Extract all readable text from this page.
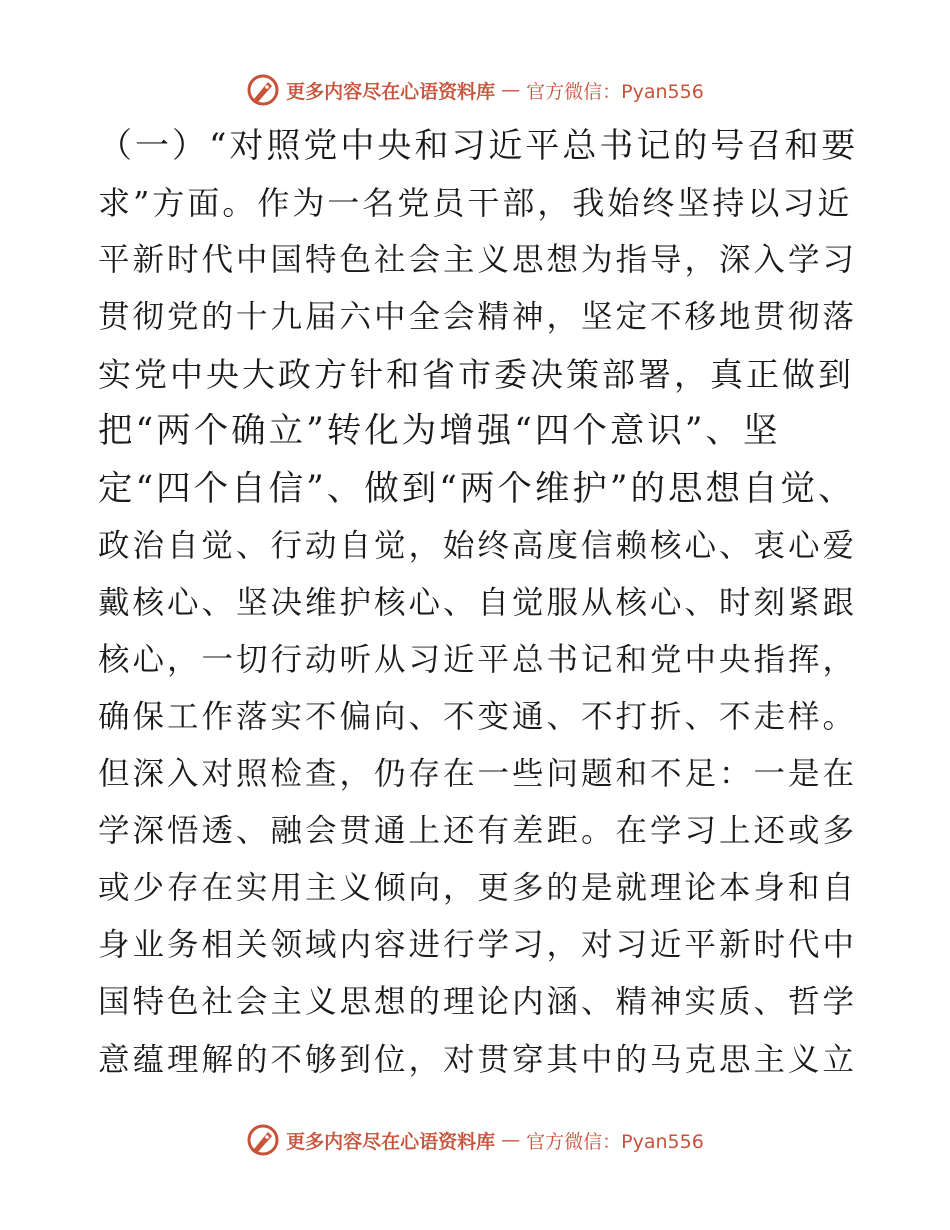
更多内容尽在心语资料库 — 官方微信：Pyan556
（一）“对照党中央和习近平总书记的号召和要
求”方面。作为一名党员干部，我始终坚持以习近
平新时代中国特色社会主义思想为指导，深入学习
贯彻党的十九届六中全会精神，坚定不移地贯彻落
实党中央大政方针和省市委决策部署，真正做到
把“两个确立”转化为增强“四个意识”、坚
定“四个自信”、做到“两个维护”的思想自觉、
政治自觉、行动自觉，始终高度信赖核心、衷心爱
戴核心、坚决维护核心、自觉服从核心、时刻紧跟
核心，一切行动听从习近平总书记和党中央指挥，
确保工作落实不偏向、不变通、不打折、不走样。
但深入对照检查，仍存在一些问题和不足：一是在
学深悟透、融会贯通上还有差距。在学习上还或多
或少存在实用主义倾向，更多的是就理论本身和自
身业务相关领域内容进行学习，对习近平新时代中
国特色社会主义思想的理论内涵、精神实质、哲学
意蕴理解的不够到位，对贯穿其中的马克思主义立
更多内容尽在心语资料库 — 官方微信：Pyan556
